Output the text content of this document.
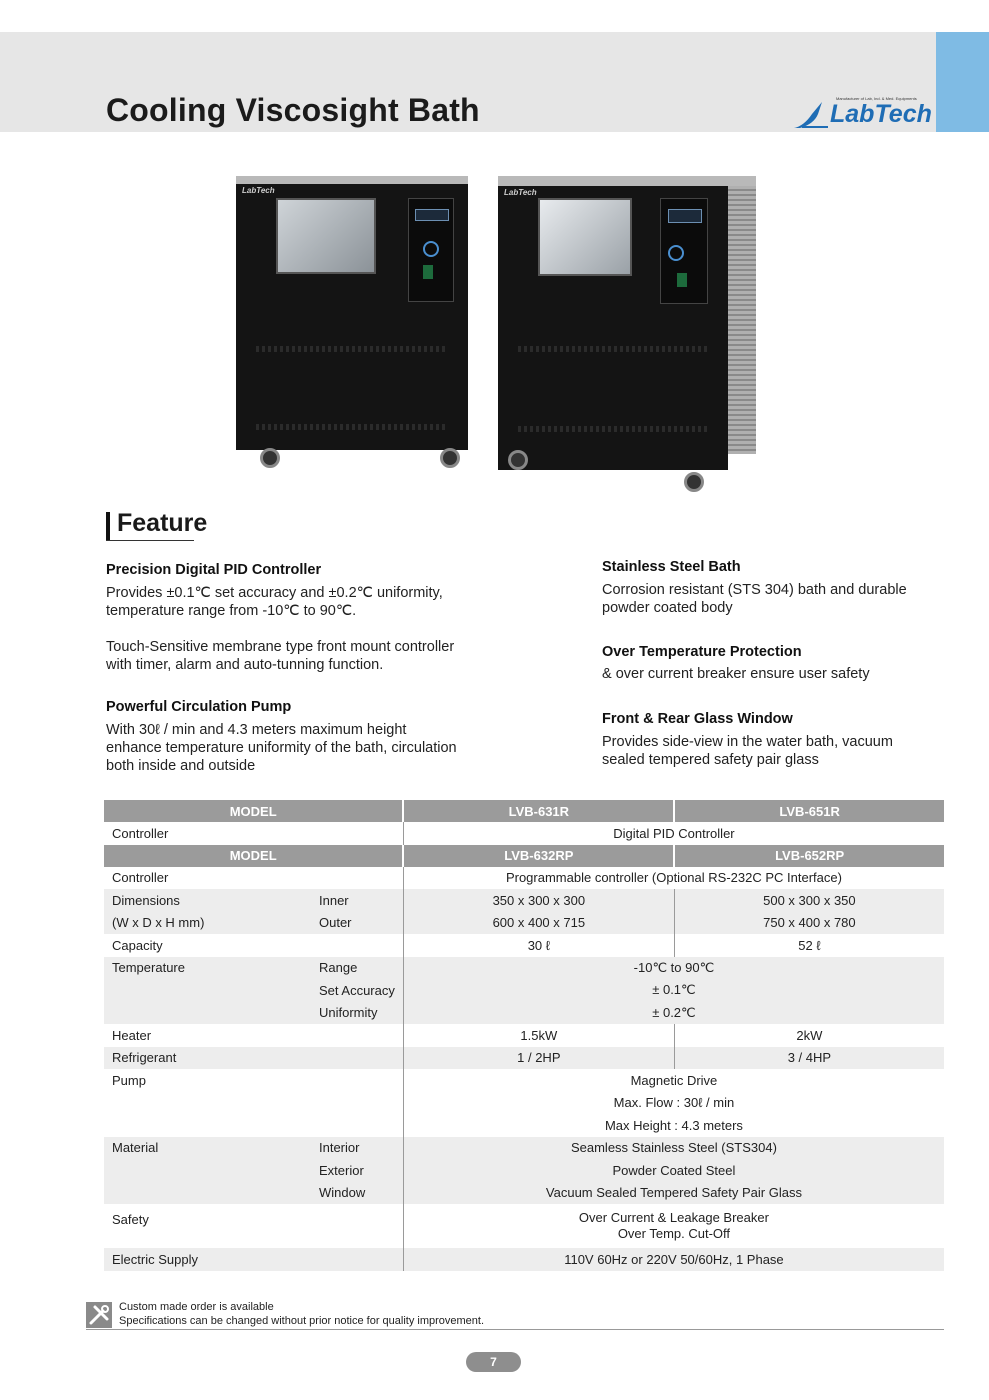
Cooling Viscosight Bath	Manufacturer of Lab, Ind. & Med. Equipments
LabTech
LabTech	LabTech
Feature
Precision Digital PID Controller
Provides ±0.1℃ set accuracy and ±0.2℃ uniformity,
temperature range from -10℃ to 90℃.
Touch-Sensitive membrane type front mount controller
with timer, alarm and auto-tunning function.
Powerful Circulation Pump
With 30ℓ / min and 4.3 meters maximum height
enhance temperature uniformity of the bath, circulation
both inside and outside
Stainless Steel Bath
Corrosion resistant (STS 304) bath and durable
powder coated body
Over Temperature Protection
& over current breaker ensure user safety
Front & Rear Glass Window
Provides side-view in the water bath, vacuum
sealed tempered safety pair glass
MODEL		LVB-631R	LVB-651R
Controller		Digital PID Controller	
MODEL		LVB-632RP	LVB-652RP
Controller		Programmable controller (Optional RS-232C PC Interface)	
Dimensions	Inner	350 x 300 x 300	500 x 300 x 350
(W x D x H mm)	Outer	600 x 400 x 715	750 x 400 x 780
Capacity		30 ℓ	52 ℓ
Temperature	Range	-10℃ to 90℃	
	Set Accuracy	± 0.1℃	
	Uniformity	± 0.2℃	
Heater		1.5kW	2kW
Refrigerant		1 / 2HP	3 / 4HP
Pump		Magnetic Drive	
		Max. Flow : 30ℓ / min	
		Max Height : 4.3 meters	
Material	Interior	Seamless Stainless Steel (STS304)	
	Exterior	Powder Coated Steel	
	Window	Vacuum Sealed Tempered Safety Pair Glass	
Safety		Over Current & Leakage Breaker
Over Temp. Cut-Off	

Electric Supply		110V 60Hz or 220V 50/60Hz, 1 Phase	
Custom made order is available
Specifications can be changed without prior notice for quality improvement.
7
